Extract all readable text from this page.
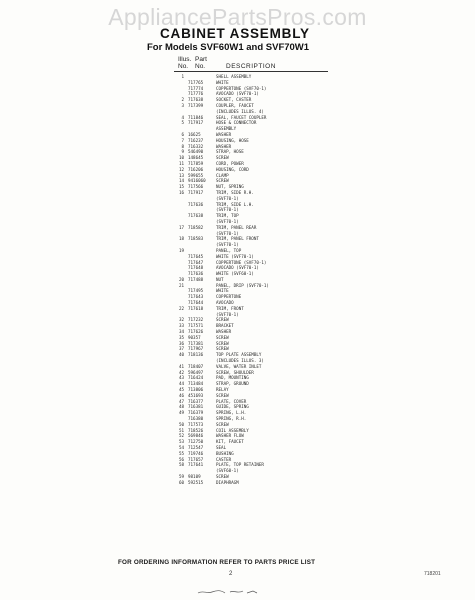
AppliancePartsPros.com
CABINET ASSEMBLY
For Models SVF60W1 and SVF70W1
Illus. Part
No. No.	DESCRIPTION
1	SHELL ASSEMBLY
717765	WHITE
717774	COPPERTONE (SVF70-1)
717776	AVOCADO (SVF70-1)
2 717638	SOCKET, CASTER
3 717399	COUPLER, FAUCET
(INCLUDES ILLUS. 4)
4 711846	SEAL, FAUCET COUPLER
5 717917	HOSE & CONNECTOR
ASSEMBLY
6 16625	WASHER
7 716237	HOUSING, HOSE
8 716332	WASHER
9 546490	STRAP, HOSE
10 148645	SCREW
11 717859	CORD, POWER
12 716206	HOUSING, CORD
13 599655	CLAMP
14 9416060 SCREW
15 717566	NUT, SPRING
16 717917	TRIM, SIDE R.H.
(SVF70-1)
717636	TRIM, SIDE L.H.
(SVF70-1)
717638	TRIM, TOP
(SVF70-1)
17 718582	TRIM, PANEL REAR
(SVF70-1)
18 718583	TRIM, PANEL FRONT
(SVF70-1)
19	PANEL, TOP
717645	WHITE (SVF70-1)
717647	COPPERTONE (SVF70-1)
717648	AVOCADO (SVF70-1)
717636	WHITE (SVF60-1)
20 717488	NUT
21	PANEL, DRIP (SVF70-1)
717495	WHITE
717643	COPPERTONE
717644	AVOCADO
22 717618	TRIM, FRONT
(SVF70-1)
32 717232	SCREW
33 717571	BRACKET
34 717626	WASHER
35 90357	SCREW
36 717381	SCREW
37 717967	SCREW
40 718136	TOP PLATE ASSEMBLY
(INCLUDES ILLUS. 3)
41 718407	VALVE, WATER INLET
42 596497	SCREW, SHOULDER
43 716424	PAD, MOUNTING
44 713484	STRAP, GROUND
45 713806	RELAY
46 451693	SCREW
47 716377	PLATE, COVER
48 716381	GUIDE, SPRING
49 716379	SPRING, L.H.
716380	SPRING, R.H.
50 717573	SCREW
51 718526	COIL ASSEMBLY
52 569846	WASHER FLOW
53 712750	KIT, FAUCET
54 712547	SEAL
55 719746	BUSHING
56 717657	CASTER
58 717641	PLATE, TOP RETAINER
(SVF60-1)
59 98109	SCREW
60 592515	DIAPHRAGM
FOR ORDERING INFORMATION REFER TO PARTS PRICE LIST
2	718201
